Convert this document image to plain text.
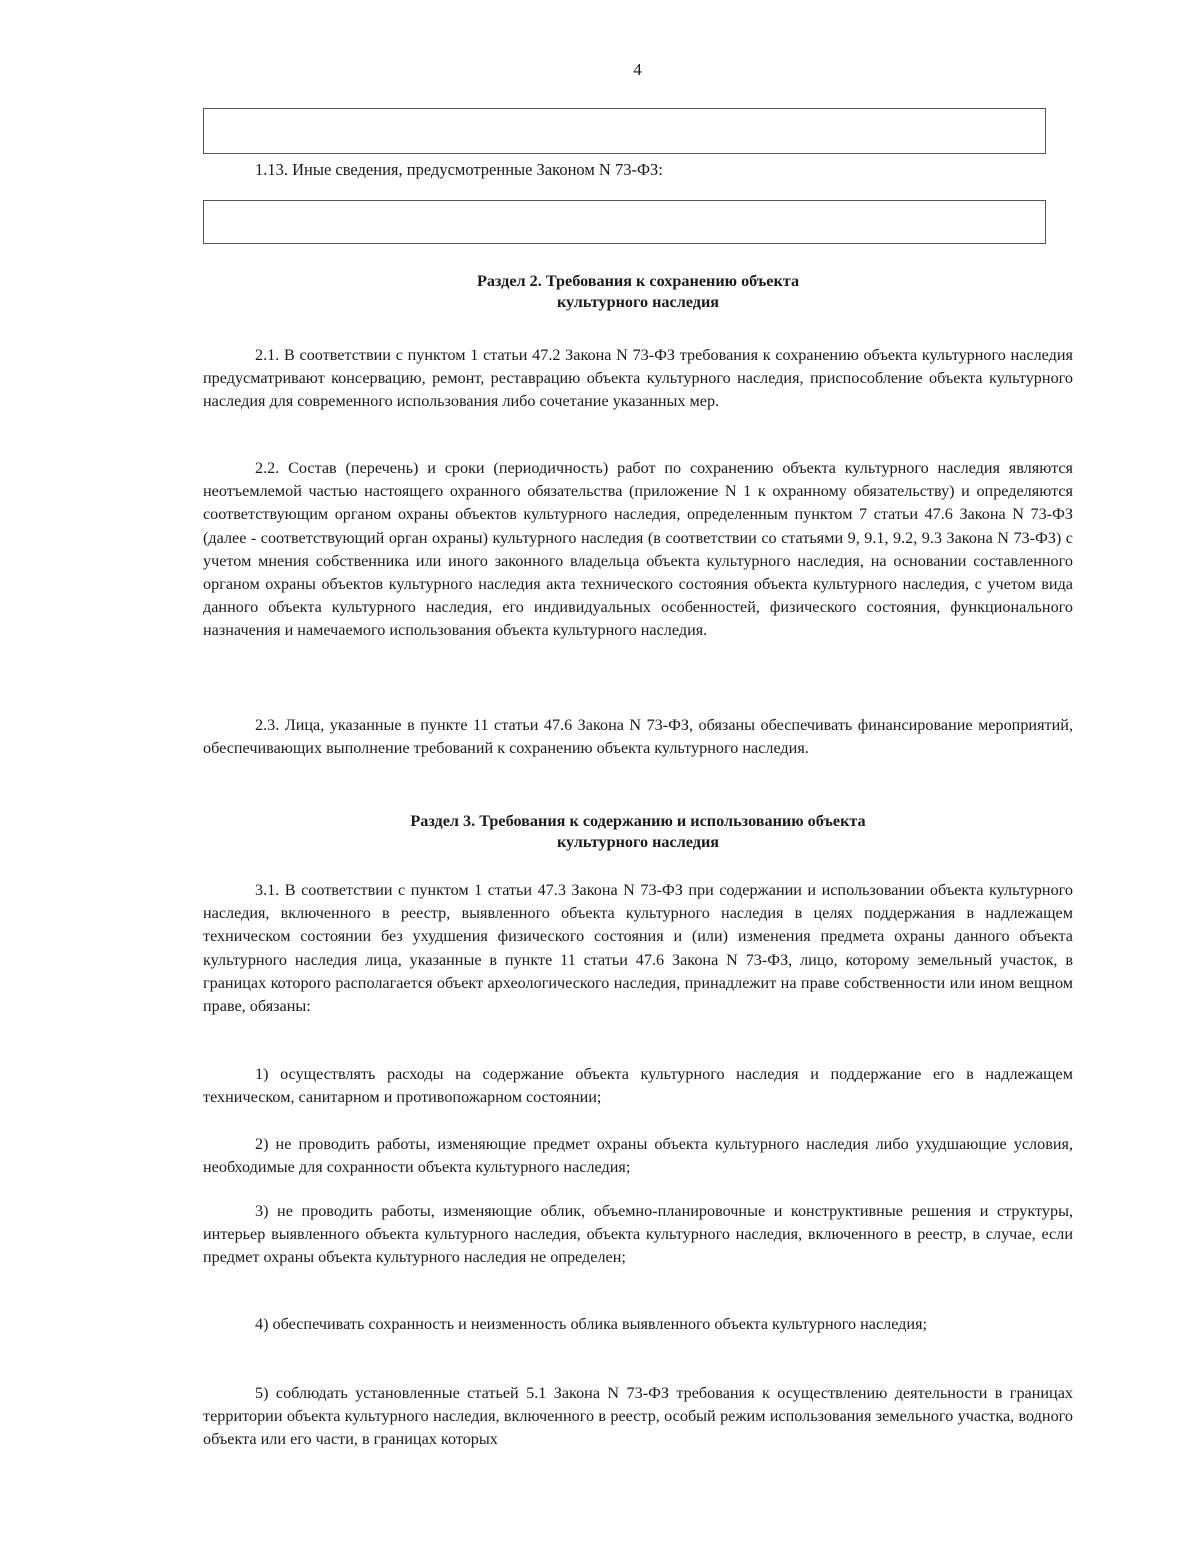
4
1.13. Иные сведения, предусмотренные Законом N 73-ФЗ:

Раздел 2. Требования к сохранению объекта

культурного наследия

2.1. В соответствии с пунктом 1 статьи 47.2 Закона N 73-ФЗ требования к сохранению объекта культурного наследия предусматривают консервацию, ремонт, реставрацию объекта культурного наследия, приспособление объекта культурного наследия для современного использования либо сочетание указанных мер.

2.2. Состав (перечень) и сроки (периодичность) работ по сохранению объекта культурного наследия являются неотъемлемой частью настоящего охранного обязательства (приложение N 1 к охранному обязательству) и определяются соответствующим органом охраны объектов культурного наследия, определенным пунктом 7 статьи 47.6 Закона N 73-ФЗ (далее - соответствующий орган охраны) культурного наследия (в соответствии со статьями 9, 9.1, 9.2, 9.3 Закона N 73-ФЗ) с учетом мнения собственника или иного законного владельца объекта культурного наследия, на основании составленного органом охраны объектов культурного наследия акта технического состояния объекта культурного наследия, с учетом вида данного объекта культурного наследия, его индивидуальных особенностей, физического состояния, функционального назначения и намечаемого использования объекта культурного наследия.

2.3. Лица, указанные в пункте 11 статьи 47.6 Закона N 73-ФЗ, обязаны обеспечивать финансирование мероприятий, обеспечивающих выполнение требований к сохранению объекта культурного наследия.

Раздел 3. Требования к содержанию и использованию объекта

культурного наследия

3.1. В соответствии с пунктом 1 статьи 47.3 Закона N 73-ФЗ при содержании и использовании объекта культурного наследия, включенного в реестр, выявленного объекта культурного наследия в целях поддержания в надлежащем техническом состоянии без ухудшения физического состояния и (или) изменения предмета охраны данного объекта культурного наследия лица, указанные в пункте 11 статьи 47.6 Закона N 73-ФЗ, лицо, которому земельный участок, в границах которого располагается объект археологического наследия, принадлежит на праве собственности или ином вещном праве, обязаны:

1) осуществлять расходы на содержание объекта культурного наследия и поддержание его в надлежащем техническом, санитарном и противопожарном состоянии;

2) не проводить работы, изменяющие предмет охраны объекта культурного наследия либо ухудшающие условия, необходимые для сохранности объекта культурного наследия;

3) не проводить работы, изменяющие облик, объемно-планировочные и конструктивные решения и структуры, интерьер выявленного объекта культурного наследия, объекта культурного наследия, включенного в реестр, в случае, если предмет охраны объекта культурного наследия не определен;

4) обеспечивать сохранность и неизменность облика выявленного объекта культурного наследия;

5) соблюдать установленные статьей 5.1 Закона N 73-ФЗ требования к осуществлению деятельности в границах территории объекта культурного наследия, включенного в реестр, особый режим использования земельного участка, водного объекта или его части, в границах которых
